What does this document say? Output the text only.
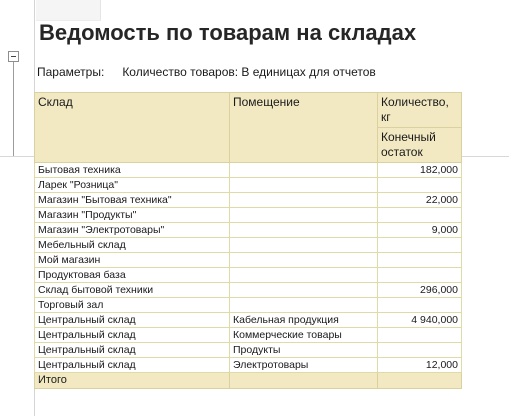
Ведомость по товарам на складах
Параметры: Количество товаров: В единицах для отчетов
Склад	Помещение	Количество, кг
		Конечный остаток
Бытовая техника		182,000
Ларек "Розница"		
Магазин "Бытовая техника"		22,000
Магазин "Продукты"		
Магазин "Электротовары"		9,000
Мебельный склад		
Мой магазин		
Продуктовая база		
Склад бытовой техники		296,000
Торговый зал		
Центральный склад	Кабельная продукция	4 940,000
Центральный склад	Коммерческие товары	
Центральный склад	Продукты	
Центральный склад	Электротовары	12,000
Итого		
